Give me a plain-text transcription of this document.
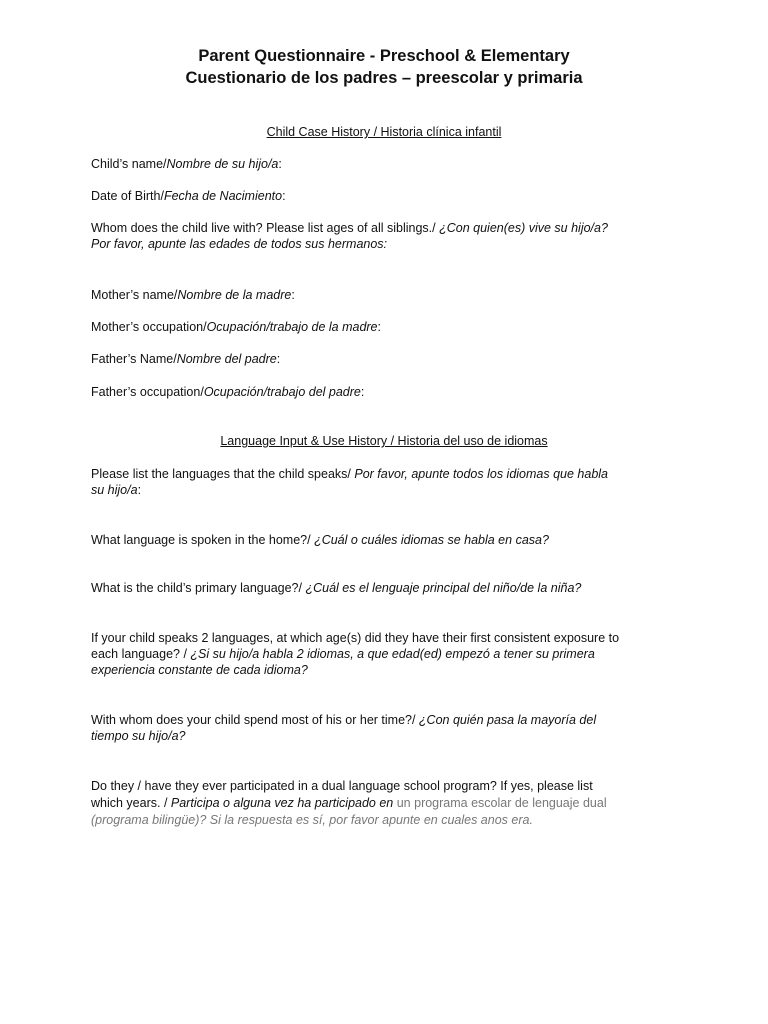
Parent Questionnaire - Preschool & Elementary
Cuestionario de los padres – preescolar y primaria
Child Case History / Historia clínica infantil
Child’s name/Nombre de su hijo/a:
Date of Birth/Fecha de Nacimiento:
Whom does the child live with? Please list ages of all siblings./ ¿Con quien(es) vive su hijo/a?
Por favor, apunte las edades de todos sus hermanos:
Mother’s name/Nombre de la madre:
Mother’s occupation/Ocupación/trabajo de la madre:
Father’s Name/Nombre del padre:
Father’s occupation/Ocupación/trabajo del padre:
Language Input & Use History / Historia del uso de idiomas
Please list the languages that the child speaks/ Por favor, apunte todos los idiomas que habla
su hijo/a:
What language is spoken in the home?/ ¿Cuál o cuáles idiomas se habla en casa?
What is the child’s primary language?/ ¿Cuál es el lenguaje principal del niño/de la niña?
If your child speaks 2 languages, at which age(s) did they have their first consistent exposure to
each language? / ¿Si su hijo/a habla 2 idiomas, a que edad(ed) empezó a tener su primera
experiencia constante de cada idioma?
With whom does your child spend most of his or her time?/ ¿Con quién pasa la mayoría del
tiempo su hijo/a?
Do they / have they ever participated in a dual language school program? If yes, please list
which years. / Participa o alguna vez ha participado en un programa escolar de lenguaje dual
(programa bilingüe)? Si la respuesta es sí, por favor apunte en cuales anos era.
